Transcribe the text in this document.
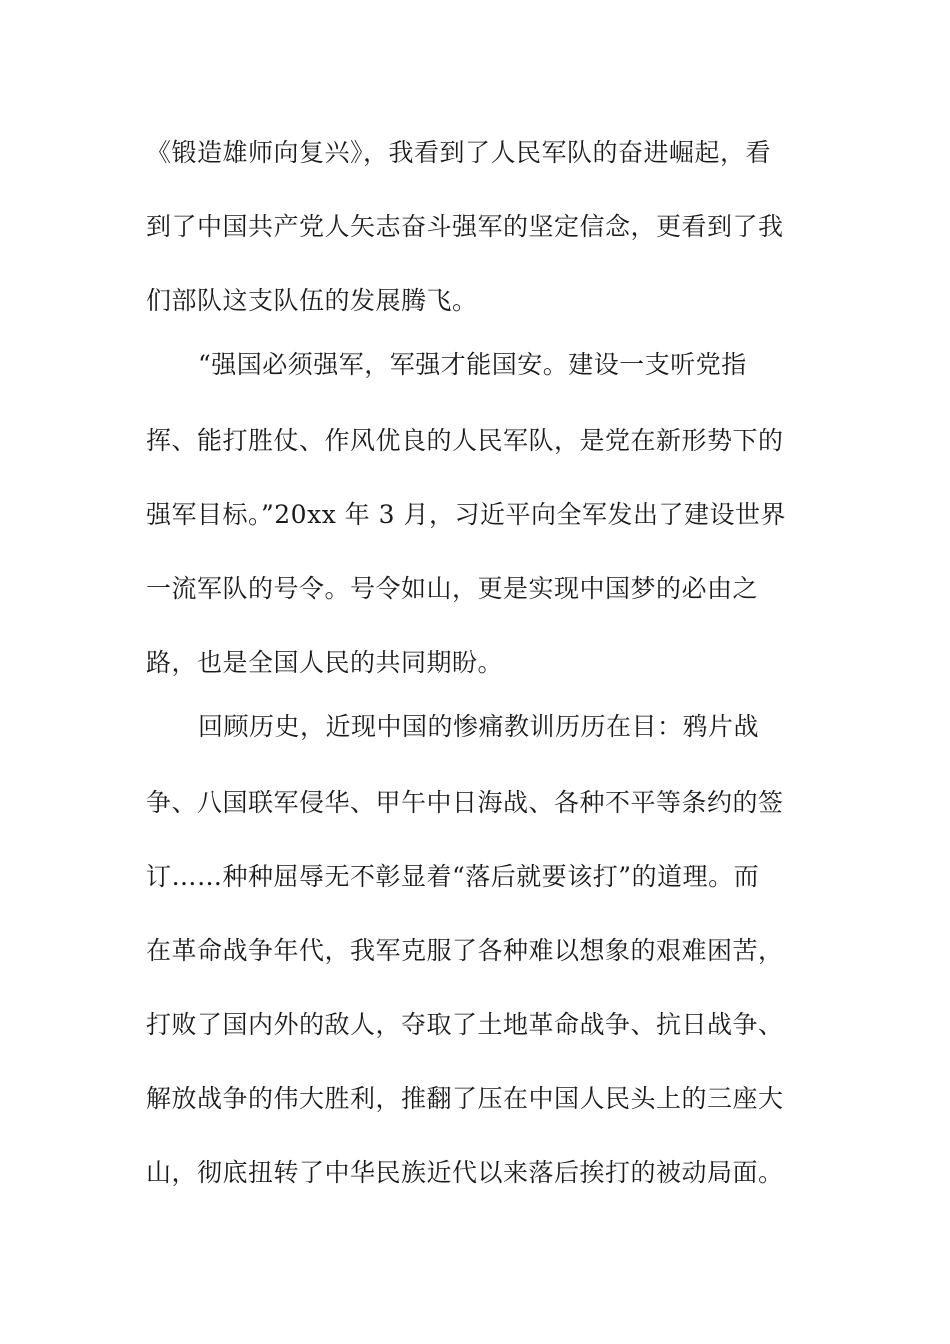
《锻造雄师向复兴》，我看到了人民军队的奋进崛起，看
到了中国共产党人矢志奋斗强军的坚定信念，更看到了我
们部队这支队伍的发展腾飞。
“强国必须强军，军强才能国安。建设一支听党指
挥、能打胜仗、作风优良的人民军队，是党在新形势下的
强军目标。”20xx 年 3 月，习近平向全军发出了建设世界
一流军队的号令。号令如山，更是实现中国梦的必由之
路，也是全国人民的共同期盼。
回顾历史，近现中国的惨痛教训历历在目：鸦片战
争、八国联军侵华、甲午中日海战、各种不平等条约的签
订……种种屈辱无不彰显着“落后就要该打”的道理。而
在革命战争年代，我军克服了各种难以想象的艰难困苦，
打败了国内外的敌人，夺取了土地革命战争、抗日战争、
解放战争的伟大胜利，推翻了压在中国人民头上的三座大
山，彻底扭转了中华民族近代以来落后挨打的被动局面。
